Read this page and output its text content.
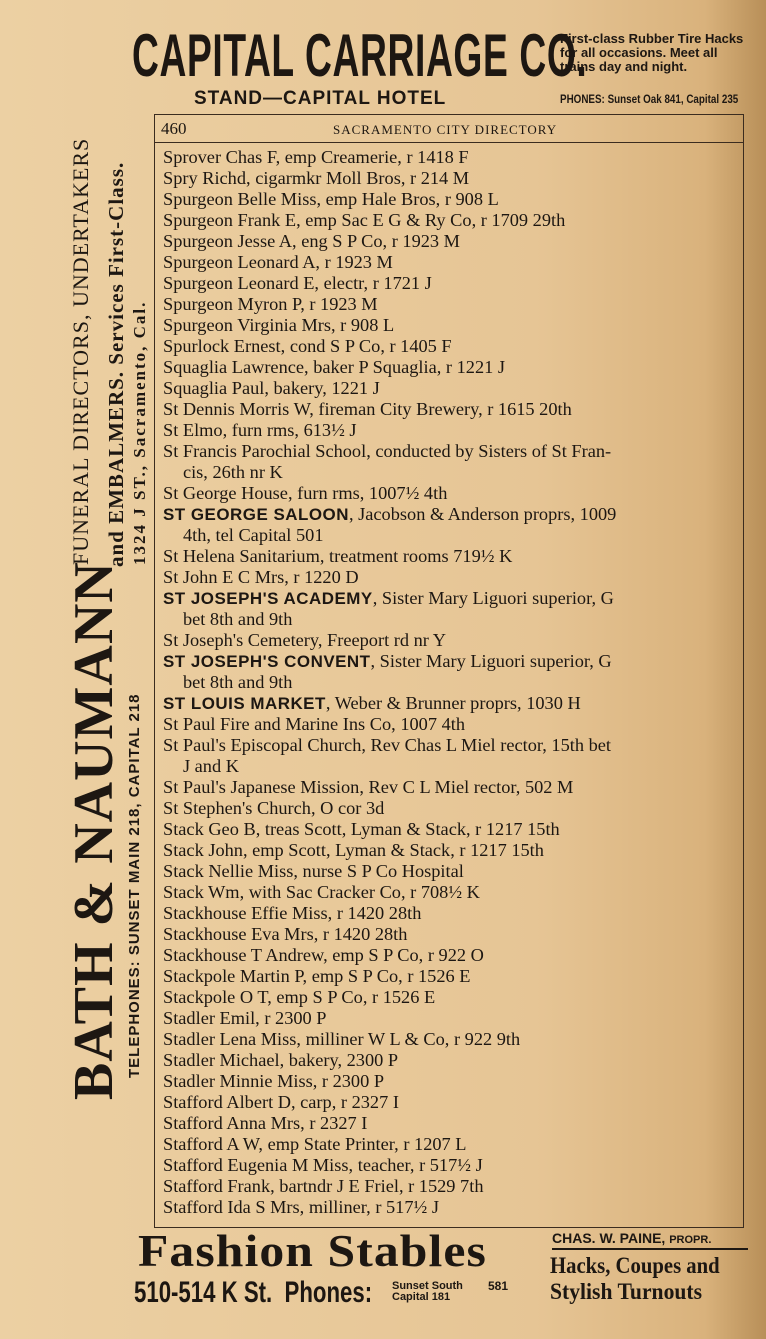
CAPITAL CARRIAGE CO.
STAND—CAPITAL HOTEL
First-class Rubber Tire Hacks
for all occasions. Meet all
trains day and night.
PHONES: Sunset Oak 841, Capital 235
BATH & NAUMANN TELEPHONES: SUNSET MAIN 218, CAPITAL 218
FUNERAL DIRECTORS, UNDERTAKERS and EMBALMERS. Services First-Class. 1324 J ST., Sacramento, Cal.
460	SACRAMENTO CITY DIRECTORY
Sprover Chas F, emp Creamerie, r 1418 F
Spry Richd, cigarmkr Moll Bros, r 214 M
Spurgeon Belle Miss, emp Hale Bros, r 908 L
Spurgeon Frank E, emp Sac E G & Ry Co, r 1709 29th
Spurgeon Jesse A, eng S P Co, r 1923 M
Spurgeon Leonard A, r 1923 M
Spurgeon Leonard E, electr, r 1721 J
Spurgeon Myron P, r 1923 M
Spurgeon Virginia Mrs, r 908 L
Spurlock Ernest, cond S P Co, r 1405 F
Squaglia Lawrence, baker P Squaglia, r 1221 J
Squaglia Paul, bakery, 1221 J
St Dennis Morris W, fireman City Brewery, r 1615 20th
St Elmo, furn rms, 613½ J
St Francis Parochial School, conducted by Sisters of St Fran-
cis, 26th nr K
St George House, furn rms, 1007½ 4th
ST GEORGE SALOON, Jacobson & Anderson proprs, 1009
4th, tel Capital 501
St Helena Sanitarium, treatment rooms 719½ K
St John E C Mrs, r 1220 D
ST JOSEPH'S ACADEMY, Sister Mary Liguori superior, G
bet 8th and 9th
St Joseph's Cemetery, Freeport rd nr Y
ST JOSEPH'S CONVENT, Sister Mary Liguori superior, G
bet 8th and 9th
ST LOUIS MARKET, Weber & Brunner proprs, 1030 H
St Paul Fire and Marine Ins Co, 1007 4th
St Paul's Episcopal Church, Rev Chas L Miel rector, 15th bet
J and K
St Paul's Japanese Mission, Rev C L Miel rector, 502 M
St Stephen's Church, O cor 3d
Stack Geo B, treas Scott, Lyman & Stack, r 1217 15th
Stack John, emp Scott, Lyman & Stack, r 1217 15th
Stack Nellie Miss, nurse S P Co Hospital
Stack Wm, with Sac Cracker Co, r 708½ K
Stackhouse Effie Miss, r 1420 28th
Stackhouse Eva Mrs, r 1420 28th
Stackhouse T Andrew, emp S P Co, r 922 O
Stackpole Martin P, emp S P Co, r 1526 E
Stackpole O T, emp S P Co, r 1526 E
Stadler Emil, r 2300 P
Stadler Lena Miss, milliner W L & Co, r 922 9th
Stadler Michael, bakery, 2300 P
Stadler Minnie Miss, r 2300 P
Stafford Albert D, carp, r 2327 I
Stafford Anna Mrs, r 2327 I
Stafford A W, emp State Printer, r 1207 L
Stafford Eugenia M Miss, teacher, r 517½ J
Stafford Frank, bartndr J E Friel, r 1529 7th
Stafford Ida S Mrs, milliner, r 517½ J
Fashion Stables
510-514 K St. Phones: Sunset South
Capital 181
581
CHAS. W. PAINE, PROPR.
Hacks, Coupes and
Stylish Turnouts
